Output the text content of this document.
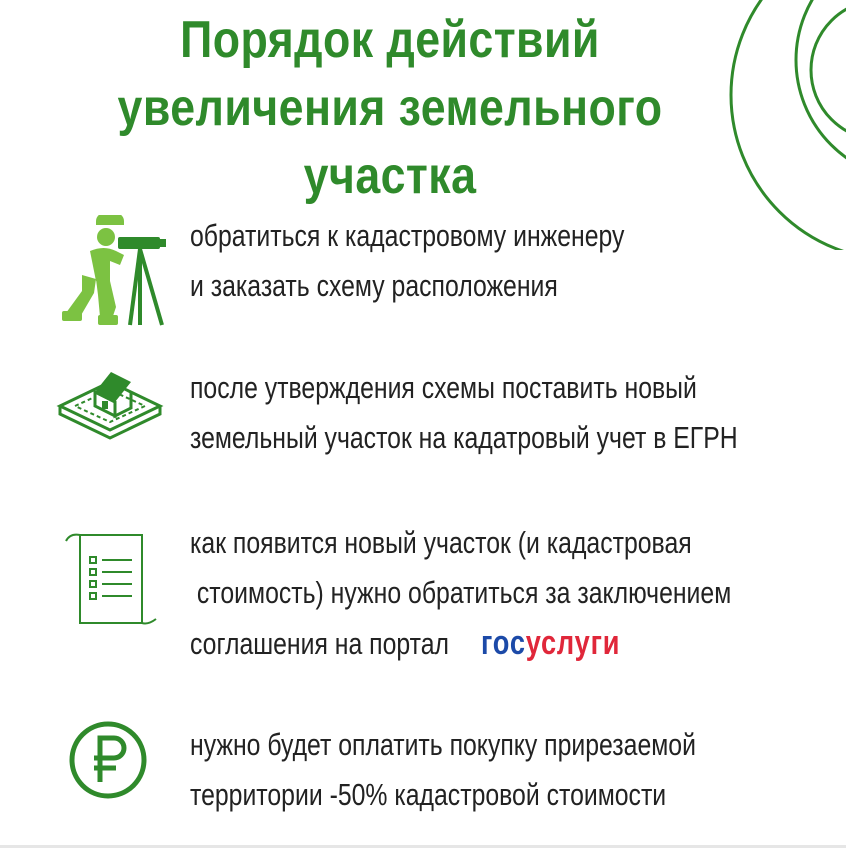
Порядок действий
увеличения земельного
участка
обратиться к кадастровому инженеру
и заказать схему расположения
после утверждения схемы поставить новый
земельный участок на кадатровый учет в ЕГРН
как появится новый участок (и кадастровая
стоимость) нужно обратиться за заключением
соглашения на портал госуслуги
нужно будет оплатить покупку прирезаемой
территории -50% кадастровой стоимости
